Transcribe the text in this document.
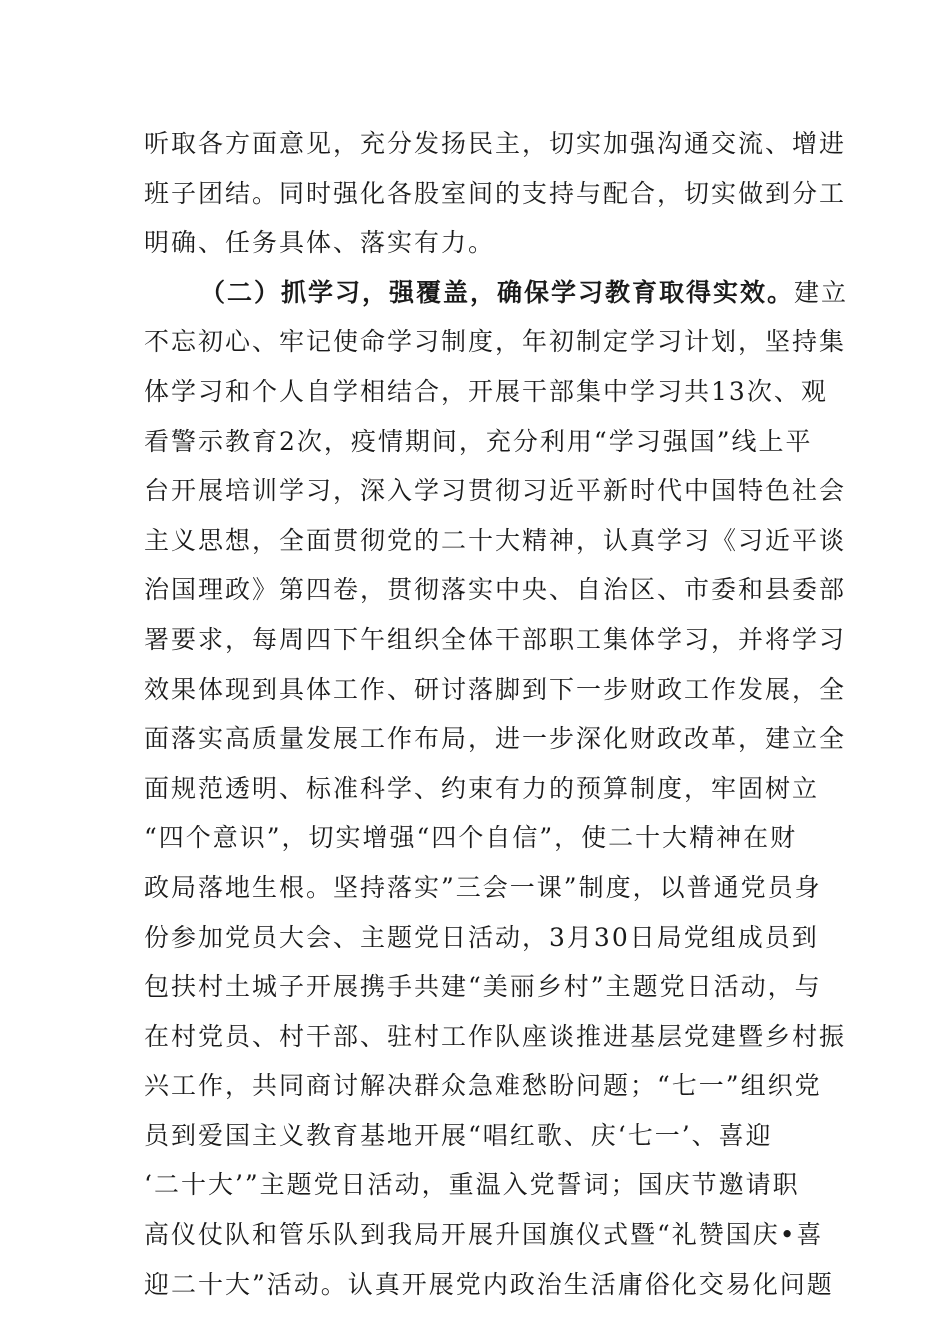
听取各方面意见，充分发扬民主，切实加强沟通交流、增进
班子团结。同时强化各股室间的支持与配合，切实做到分工
明确、任务具体、落实有力。
（二）抓学习，强覆盖，确保学习教育取得实效。建立
不忘初心、牢记使命学习制度，年初制定学习计划，坚持集
体学习和个人自学相结合，开展干部集中学习共13次、观
看警示教育2次，疫情期间，充分利用“学习强国”线上平
台开展培训学习，深入学习贯彻习近平新时代中国特色社会
主义思想，全面贯彻党的二十大精神，认真学习《习近平谈
治国理政》第四卷，贯彻落实中央、自治区、市委和县委部
署要求，每周四下午组织全体干部职工集体学习，并将学习
效果体现到具体工作、研讨落脚到下一步财政工作发展，全
面落实高质量发展工作布局，进一步深化财政改革，建立全
面规范透明、标准科学、约束有力的预算制度，牢固树立
“四个意识”，切实增强“四个自信”，使二十大精神在财
政局落地生根。坚持落实”三会一课”制度，以普通党员身
份参加党员大会、主题党日活动，3月30日局党组成员到
包扶村土城子开展携手共建“美丽乡村”主题党日活动，与
在村党员、村干部、驻村工作队座谈推进基层党建暨乡村振
兴工作，共同商讨解决群众急难愁盼问题；“七一”组织党
员到爱国主义教育基地开展“唱红歌、庆‘七一’、喜迎
‘二十大’”主题党日活动，重温入党誓词；国庆节邀请职
高仪仗队和管乐队到我局开展升国旗仪式暨“礼赞国庆•喜
迎二十大”活动。认真开展党内政治生活庸俗化交易化问题
